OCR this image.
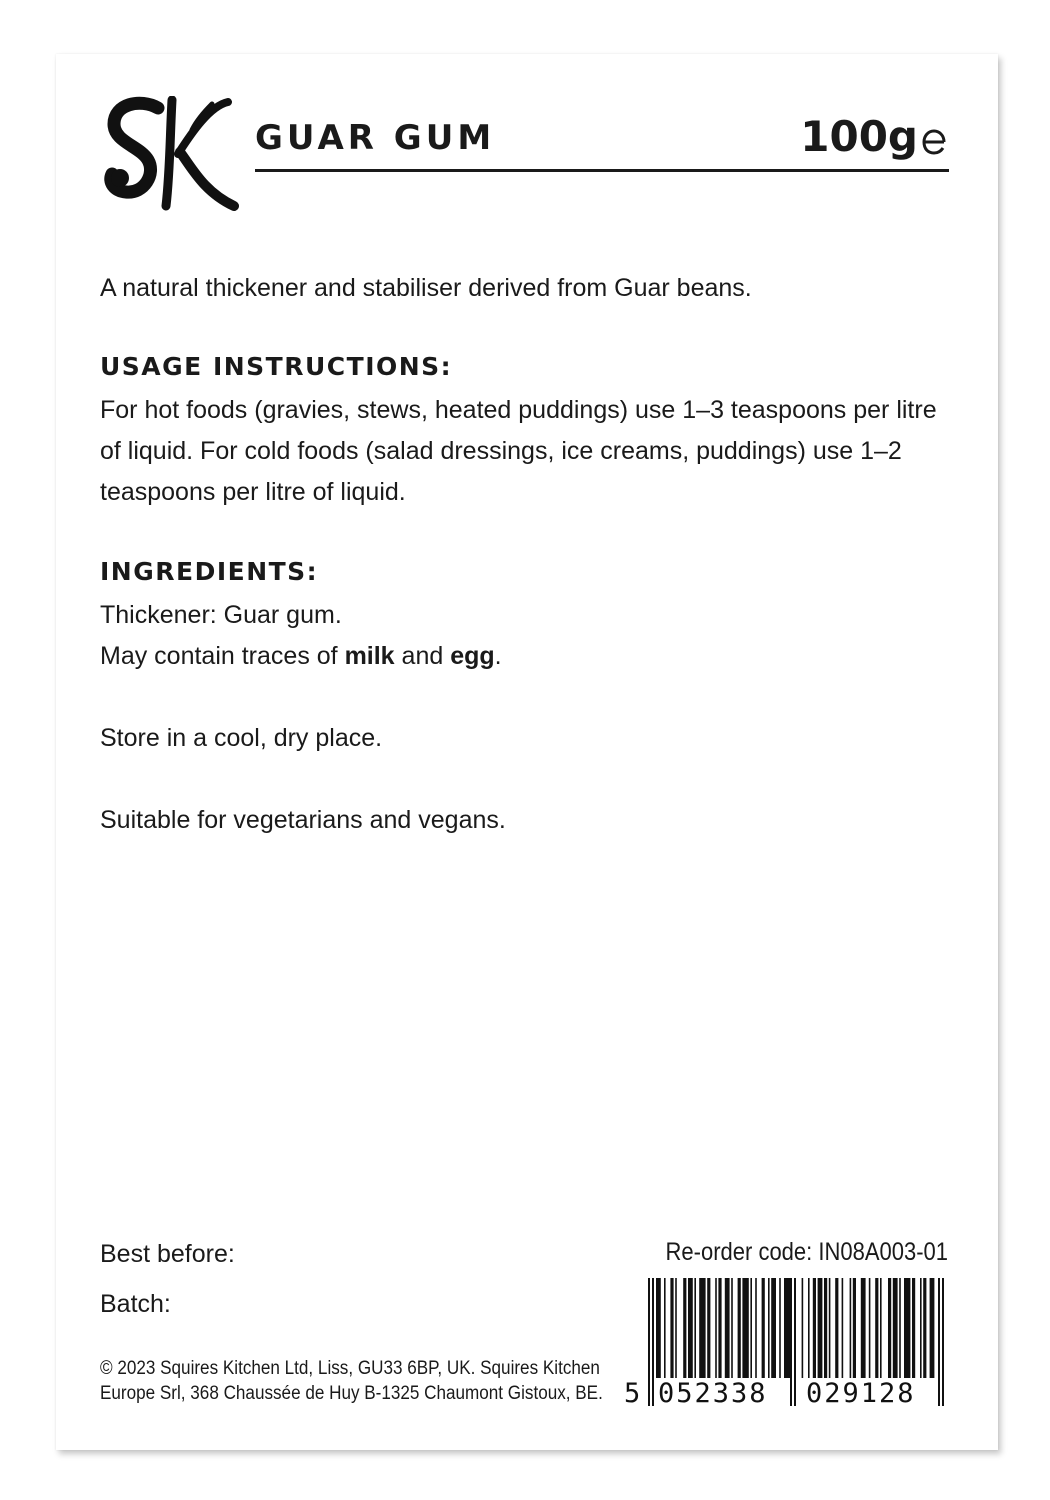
GUAR GUM	100g

A natural thickener and stabiliser derived from Guar beans.

USAGE INSTRUCTIONS:

For hot foods (gravies, stews, heated puddings) use 1–3 teaspoons per litre of liquid. For cold foods (salad dressings, ice creams, puddings) use 1–2 teaspoons per litre of liquid.

INGREDIENTS:

Thickener: Guar gum.

May contain traces of milk and egg.

Store in a cool, dry place.

Suitable for vegetarians and vegans.

Best before:
Batch:
© 2023 Squires Kitchen Ltd, Liss, GU33 6BP, UK. Squires Kitchen
Europe Srl, 368 Chaussée de Huy B-1325 Chaumont Gistoux, BE.
Re-order code: IN08A003-01
5 052338 029128
